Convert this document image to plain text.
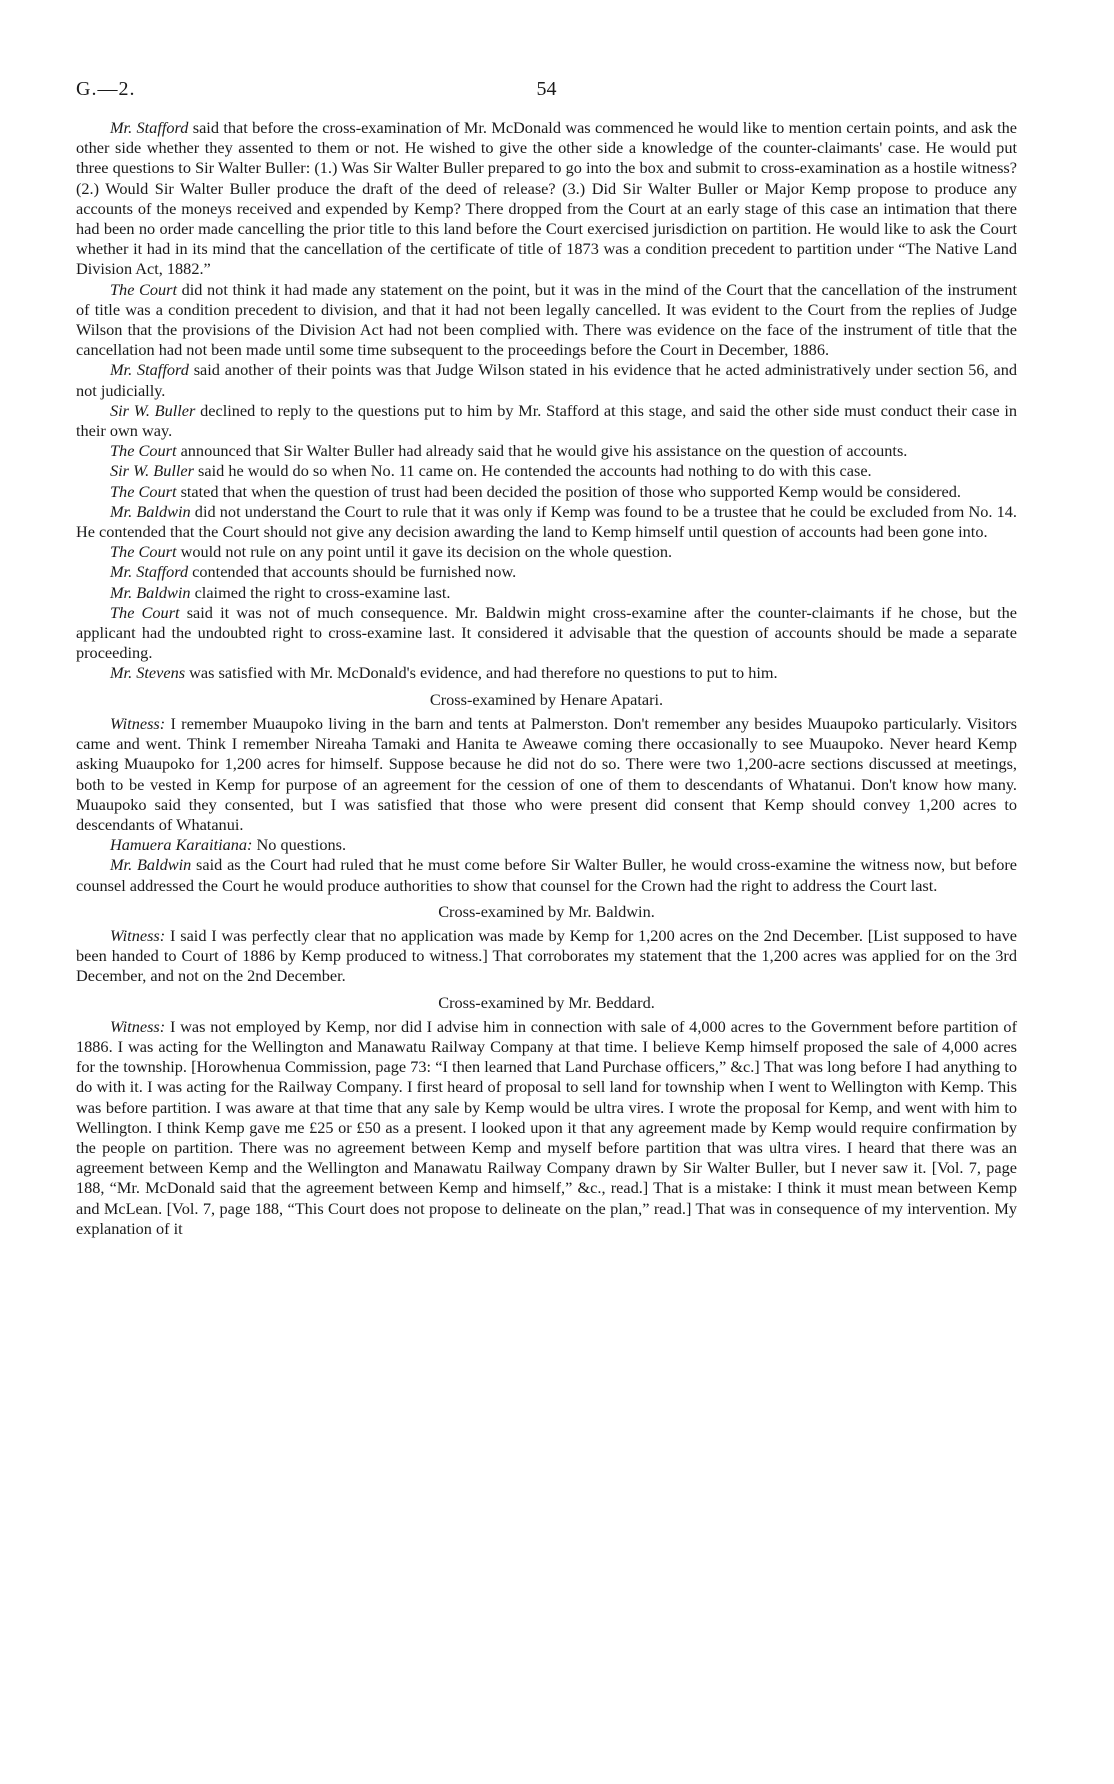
G.—2.	54

Mr. Stafford said that before the cross-examination of Mr. McDonald was commenced he would like to mention certain points, and ask the other side whether they assented to them or not. He wished to give the other side a knowledge of the counter-claimants' case. He would put three questions to Sir Walter Buller: (1.) Was Sir Walter Buller prepared to go into the box and submit to cross-examination as a hostile witness? (2.) Would Sir Walter Buller produce the draft of the deed of release? (3.) Did Sir Walter Buller or Major Kemp propose to produce any accounts of the moneys received and expended by Kemp? There dropped from the Court at an early stage of this case an intimation that there had been no order made cancelling the prior title to this land before the Court exercised jurisdiction on partition. He would like to ask the Court whether it had in its mind that the cancellation of the certificate of title of 1873 was a condition precedent to partition under “The Native Land Division Act, 1882.”

The Court did not think it had made any statement on the point, but it was in the mind of the Court that the cancellation of the instrument of title was a condition precedent to division, and that it had not been legally cancelled. It was evident to the Court from the replies of Judge Wilson that the provisions of the Division Act had not been complied with. There was evidence on the face of the instrument of title that the cancellation had not been made until some time subsequent to the proceedings before the Court in December, 1886.

Mr. Stafford said another of their points was that Judge Wilson stated in his evidence that he acted administratively under section 56, and not judicially.

Sir W. Buller declined to reply to the questions put to him by Mr. Stafford at this stage, and said the other side must conduct their case in their own way.

The Court announced that Sir Walter Buller had already said that he would give his assistance on the question of accounts.

Sir W. Buller said he would do so when No. 11 came on. He contended the accounts had nothing to do with this case.

The Court stated that when the question of trust had been decided the position of those who supported Kemp would be considered.

Mr. Baldwin did not understand the Court to rule that it was only if Kemp was found to be a trustee that he could be excluded from No. 14. He contended that the Court should not give any decision awarding the land to Kemp himself until question of accounts had been gone into.

The Court would not rule on any point until it gave its decision on the whole question.

Mr. Stafford contended that accounts should be furnished now.

Mr. Baldwin claimed the right to cross-examine last.

The Court said it was not of much consequence. Mr. Baldwin might cross-examine after the counter-claimants if he chose, but the applicant had the undoubted right to cross-examine last. It considered it advisable that the question of accounts should be made a separate proceeding.

Mr. Stevens was satisfied with Mr. McDonald's evidence, and had therefore no questions to put to him.

Cross-examined by Henare Apatari.

Witness: I remember Muaupoko living in the barn and tents at Palmerston. Don't remember any besides Muaupoko particularly. Visitors came and went. Think I remember Nireaha Tamaki and Hanita te Aweawe coming there occasionally to see Muaupoko. Never heard Kemp asking Muaupoko for 1,200 acres for himself. Suppose because he did not do so. There were two 1,200-acre sections discussed at meetings, both to be vested in Kemp for purpose of an agreement for the cession of one of them to descendants of Whatanui. Don't know how many. Muaupoko said they consented, but I was satisfied that those who were present did consent that Kemp should convey 1,200 acres to descendants of Whatanui.

Hamuera Karaitiana: No questions.

Mr. Baldwin said as the Court had ruled that he must come before Sir Walter Buller, he would cross-examine the witness now, but before counsel addressed the Court he would produce authorities to show that counsel for the Crown had the right to address the Court last.

Cross-examined by Mr. Baldwin.

Witness: I said I was perfectly clear that no application was made by Kemp for 1,200 acres on the 2nd December. [List supposed to have been handed to Court of 1886 by Kemp produced to witness.] That corroborates my statement that the 1,200 acres was applied for on the 3rd December, and not on the 2nd December.

Cross-examined by Mr. Beddard.

Witness: I was not employed by Kemp, nor did I advise him in connection with sale of 4,000 acres to the Government before partition of 1886. I was acting for the Wellington and Manawatu Railway Company at that time. I believe Kemp himself proposed the sale of 4,000 acres for the township. [Horowhenua Commission, page 73: “I then learned that Land Purchase officers,” &c.] That was long before I had anything to do with it. I was acting for the Railway Company. I first heard of proposal to sell land for township when I went to Wellington with Kemp. This was before partition. I was aware at that time that any sale by Kemp would be ultra vires. I wrote the proposal for Kemp, and went with him to Wellington. I think Kemp gave me £25 or £50 as a present. I looked upon it that any agreement made by Kemp would require confirmation by the people on partition. There was no agreement between Kemp and myself before partition that was ultra vires. I heard that there was an agreement between Kemp and the Wellington and Manawatu Railway Company drawn by Sir Walter Buller, but I never saw it. [Vol. 7, page 188, “Mr. McDonald said that the agreement between Kemp and himself,” &c., read.] That is a mistake: I think it must mean between Kemp and McLean. [Vol. 7, page 188, “This Court does not propose to delineate on the plan,” read.] That was in consequence of my intervention. My explanation of it
